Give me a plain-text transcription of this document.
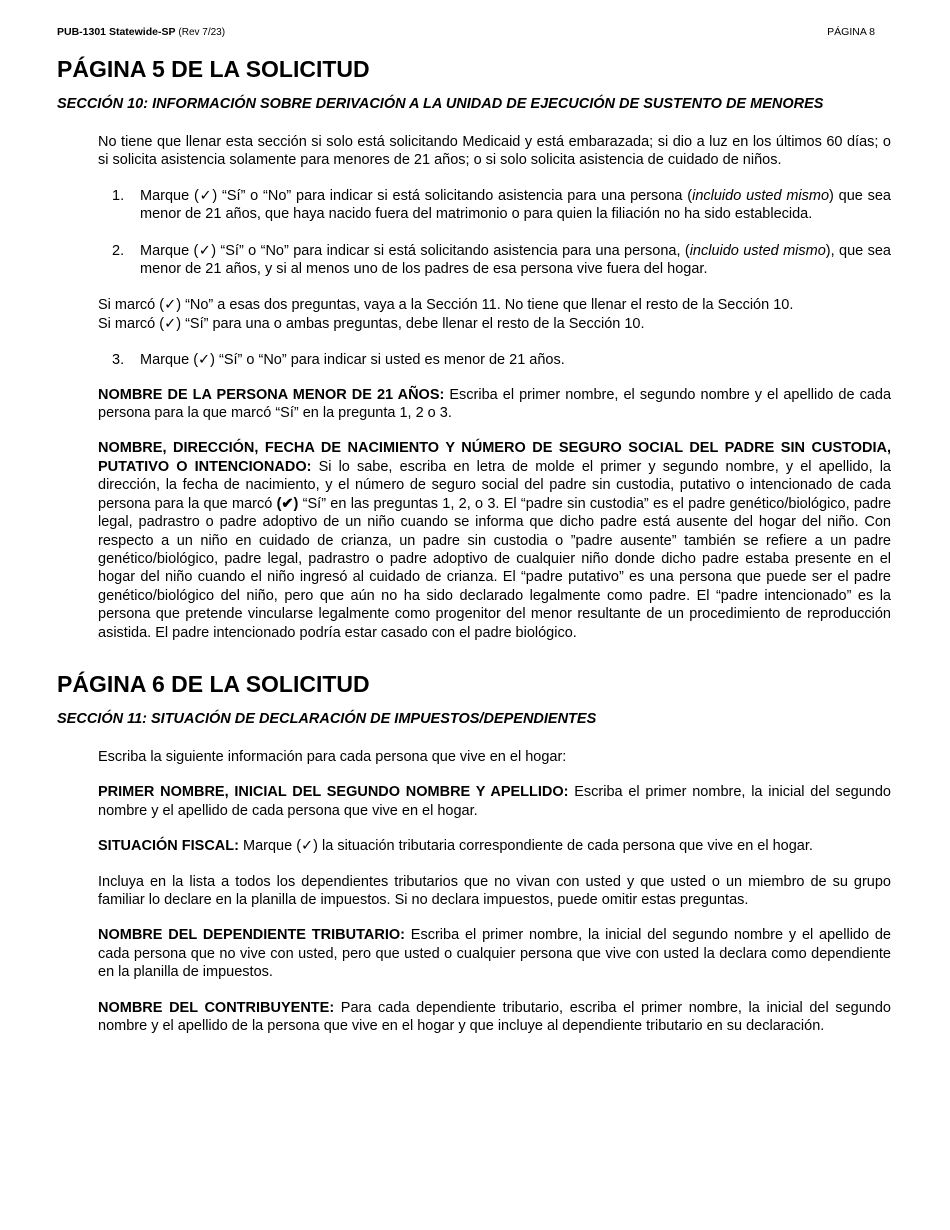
PUB-1301 Statewide-SP (Rev 7/23)	PÁGINA 8
PÁGINA 5 DE LA SOLICITUD
SECCIÓN 10: INFORMACIÓN SOBRE DERIVACIÓN A LA UNIDAD DE EJECUCIÓN DE SUSTENTO DE MENORES

No tiene que llenar esta sección si solo está solicitando Medicaid y está embarazada; si dio a luz en los últimos 60 días; o si solicita asistencia solamente para menores de 21 años; o si solo solicita asistencia de cuidado de niños.

1. Marque (✓) “Sí” o “No” para indicar si está solicitando asistencia para una persona (incluido usted mismo) que sea menor de 21 años, que haya nacido fuera del matrimonio o para quien la filiación no ha sido establecida.
2. Marque (✓) “Sí” o “No” para indicar si está solicitando asistencia para una persona, (incluido usted mismo), que sea menor de 21 años, y si al menos uno de los padres de esa persona vive fuera del hogar.

Si marcó (✓) “No” a esas dos preguntas, vaya a la Sección 11. No tiene que llenar el resto de la Sección 10.
Si marcó (✓) “Sí” para una o ambas preguntas, debe llenar el resto de la Sección 10.

3. Marque (✓) “Sí” o “No” para indicar si usted es menor de 21 años.

NOMBRE DE LA PERSONA MENOR DE 21 AÑOS: Escriba el primer nombre, el segundo nombre y el apellido de cada persona para la que marcó “Sí” en la pregunta 1, 2 o 3.

NOMBRE, DIRECCIÓN, FECHA DE NACIMIENTO Y NÚMERO DE SEGURO SOCIAL DEL PADRE SIN CUSTODIA, PUTATIVO O INTENCIONADO: Si lo sabe, escriba en letra de molde el primer y segundo nombre, y el apellido, la dirección, la fecha de nacimiento, y el número de seguro social del padre sin custodia, putativo o intencionado de cada persona para la que marcó (✔) “Sí” en las preguntas 1, 2, o 3. El “padre sin custodia” es el padre genético/biológico, padre legal, padrastro o padre adoptivo de un niño cuando se informa que dicho padre está ausente del hogar del niño. Con respecto a un niño en cuidado de crianza, un padre sin custodia o ”padre ausente” también se refiere a un padre genético/biológico, padre legal, padrastro o padre adoptivo de cualquier niño donde dicho padre estaba presente en el hogar del niño cuando el niño ingresó al cuidado de crianza. El “padre putativo” es una persona que puede ser el padre genético/biológico del niño, pero que aún no ha sido declarado legalmente como padre. El “padre intencionado” es la persona que pretende vincularse legalmente como progenitor del menor resultante de un procedimiento de reproducción asistida. El padre intencionado podría estar casado con el padre biológico.

PÁGINA 6 DE LA SOLICITUD
SECCIÓN 11: SITUACIÓN DE DECLARACIÓN DE IMPUESTOS/DEPENDIENTES

Escriba la siguiente información para cada persona que vive en el hogar:

PRIMER NOMBRE, INICIAL DEL SEGUNDO NOMBRE Y APELLIDO: Escriba el primer nombre, la inicial del segundo nombre y el apellido de cada persona que vive en el hogar.

SITUACIÓN FISCAL: Marque (✓) la situación tributaria correspondiente de cada persona que vive en el hogar.

Incluya en la lista a todos los dependientes tributarios que no vivan con usted y que usted o un miembro de su grupo familiar lo declare en la planilla de impuestos. Si no declara impuestos, puede omitir estas preguntas.

NOMBRE DEL DEPENDIENTE TRIBUTARIO: Escriba el primer nombre, la inicial del segundo nombre y el apellido de cada persona que no vive con usted, pero que usted o cualquier persona que vive con usted la declara como dependiente en la planilla de impuestos.

NOMBRE DEL CONTRIBUYENTE: Para cada dependiente tributario, escriba el primer nombre, la inicial del segundo nombre y el apellido de la persona que vive en el hogar y que incluye al dependiente tributario en su declaración.
